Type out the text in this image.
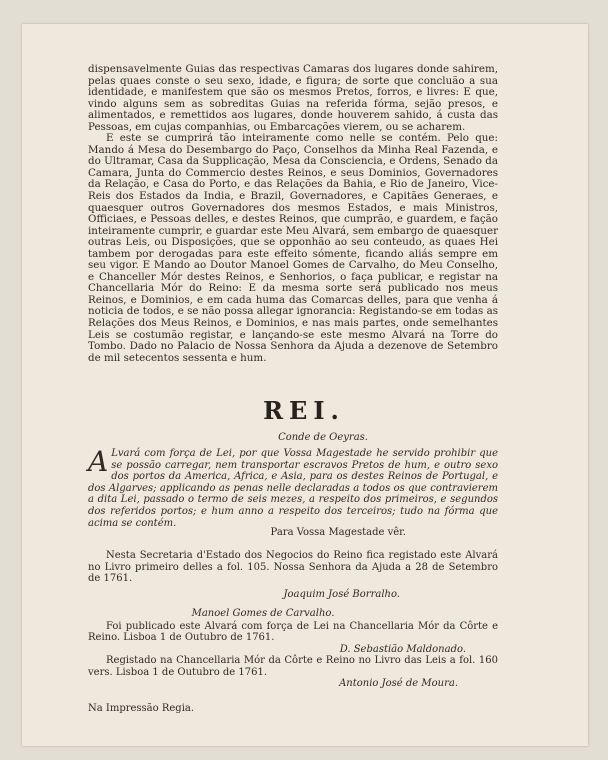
dispensavelmente Guias das respectivas Camaras dos lugares donde sahirem, pelas quaes conste o seu sexo, idade, e figura; de sorte que concluão a sua identidade, e manifestem que são os mesmos Pretos, forros, e livres: E que, vindo alguns sem as sobreditas Guias na referida fórma, sejão presos, e alimentados, e remettidos aos lugares, donde houverem sahido, á custa das Pessoas, em cujas companhias, ou Embarcações vierem, ou se acharem.

E este se cumprirá tão inteiramente como nelle se contém. Pelo que: Mando á Mesa do Desembargo do Paço, Conselhos da Minha Real Fazenda, e do Ultramar, Casa da Supplicação, Mesa da Consciencia, e Ordens, Senado da Camara, Junta do Commercio destes Reinos, e seus Dominios, Governadores da Relação, e Casa do Porto, e das Relações da Bahia, e Rio de Janeiro, Vice-Reis dos Estados da India, e Brazil, Governadores, e Capitães Generaes, e quaesquer outros Governadores dos mesmos Estados, e mais Ministros, Officiaes, e Pessoas delles, e destes Reinos, que cumprão, e guardem, e fação inteiramente cumprir, e guardar este Meu Alvará, sem embargo de quaesquer outras Leis, ou Disposições, que se opponhão ao seu conteudo, as quaes Hei tambem por derogadas para este effeito sómente, ficando aliás sempre em seu vigor. E Mando ao Doutor Manoel Gomes de Carvalho, do Meu Conselho, e Chanceller Mór destes Reinos, e Senhorios, o faça publicar, e registar na Chancellaria Mór do Reino: E da mesma sorte será publicado nos meus Reinos, e Dominios, e em cada huma das Comarcas delles, para que venha á noticia de todos, e se não possa allegar ignorancia: Registando-se em todas as Relações dos Meus Reinos, e Dominios, e nas mais partes, onde semelhantes Leis se costumão registar, e lançando-se este mesmo Alvará na Torre do Tombo. Dado no Palacio de Nossa Senhora da Ajuda a dezenove de Setembro de mil setecentos sessenta e hum.

REI.

Conde de Oeyras.

A Lvará com força de Lei, por que Vossa Magestade he servido prohibir que se possão carregar, nem transportar escravos Pretos de hum, e outro sexo dos portos da America, Africa, e Asia, para os destes Reinos de Portugal, e dos Algarves; applicando as penas nelle declaradas a todos os que contravierem a dita Lei, passado o termo de seis mezes, a respeito dos primeiros, e segundos dos referidos portos; e hum anno a respeito dos terceiros; tudo na fórma que acima se contém.

Para Vossa Magestade vêr.

Nesta Secretaria d'Estado dos Negocios do Reino fica registado este Alvará no Livro primeiro delles a fol. 105. Nossa Senhora da Ajuda a 28 de Setembro de 1761.

Joaquim José Borralho.

Manoel Gomes de Carvalho.

Foi publicado este Alvará com força de Lei na Chancellaria Mór da Côrte e Reino. Lisboa 1 de Outubro de 1761.

D. Sebastião Maldonado.

Registado na Chancellaria Mór da Côrte e Reino no Livro das Leis a fol. 160 vers. Lisboa 1 de Outubro de 1761.

Antonio José de Moura.

Na Impressão Regia.
